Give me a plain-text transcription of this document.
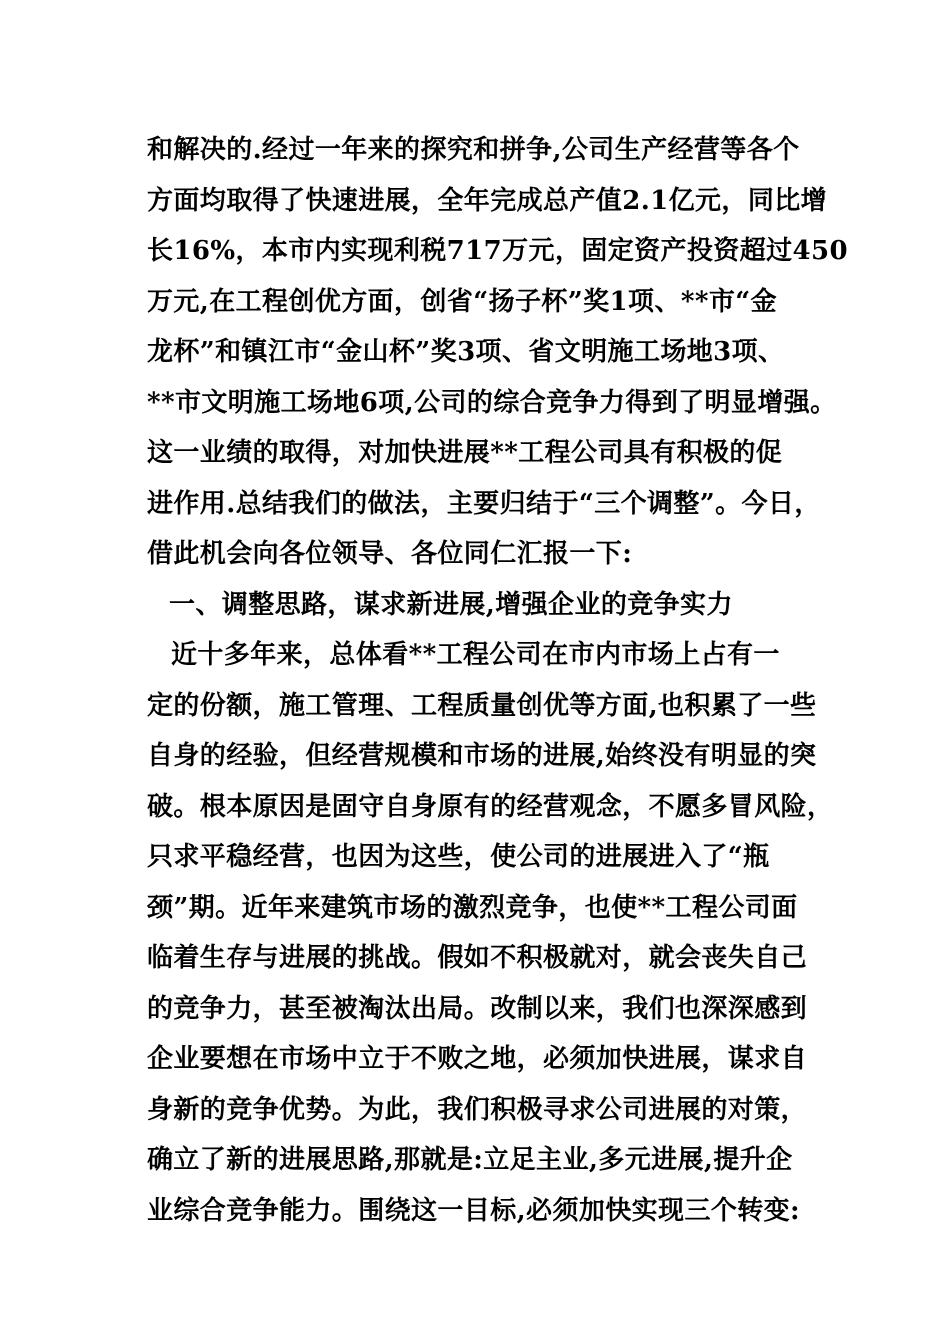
和解决的.经过一年来的探究和拼争,公司生产经营等各个
方面均取得了快速进展，全年完成总产值2.1亿元，同比增
长16%，本市内实现利税717万元，固定资产投资超过450
万元,在工程创优方面，创省“扬子杯”奖1项、**市“金
龙杯”和镇江市“金山杯”奖3项、省文明施工场地3项、
**市文明施工场地6项,公司的综合竞争力得到了明显增强。
这一业绩的取得，对加快进展**工程公司具有积极的促
进作用.总结我们的做法，主要归结于“三个调整”。今日，
借此机会向各位领导、各位同仁汇报一下:
一、调整思路，谋求新进展,增强企业的竞争实力
近十多年来，总体看**工程公司在市内市场上占有一
定的份额，施工管理、工程质量创优等方面,也积累了一些
自身的经验，但经营规模和市场的进展,始终没有明显的突
破。根本原因是固守自身原有的经营观念，不愿多冒风险，
只求平稳经营，也因为这些，使公司的进展进入了“瓶
颈”期。近年来建筑市场的激烈竞争，也使**工程公司面
临着生存与进展的挑战。假如不积极就对，就会丧失自己
的竞争力，甚至被淘汰出局。改制以来，我们也深深感到
企业要想在市场中立于不败之地，必须加快进展，谋求自
身新的竞争优势。为此，我们积极寻求公司进展的对策，
确立了新的进展思路,那就是:立足主业,多元进展,提升企
业综合竞争能力。围绕这一目标,必须加快实现三个转变:
